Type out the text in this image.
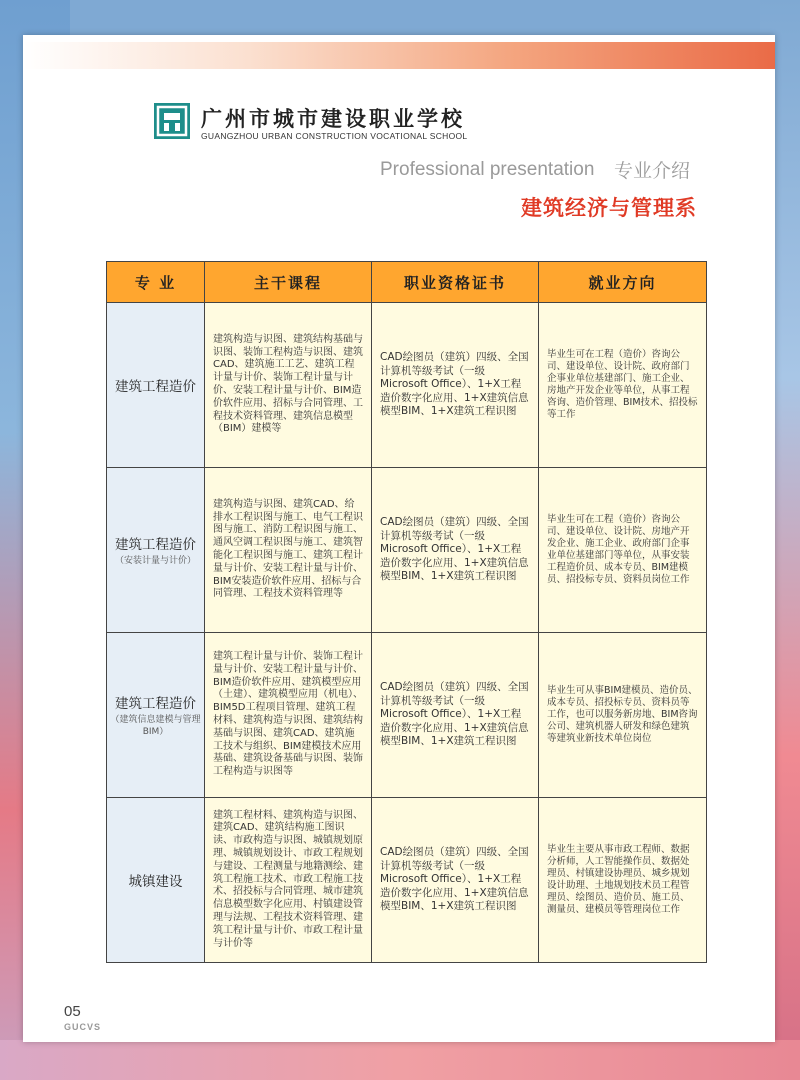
广州市城市建设职业学校
GUANGZHOU URBAN CONSTRUCTION VOCATIONAL SCHOOL
Professional presentation 专业介绍
建筑经济与管理系
专 业	主干课程	职业资格证书	就业方向

建筑工程造价	建筑构造与识图、建筑结构基础与识图、装饰工程构造与识图、建筑CAD、建筑施工工艺、建筑工程计量与计价、装饰工程计量与计价、安装工程计量与计价、BIM造价软件应用、招标与合同管理、工程技术资料管理、建筑信息模型（BIM）建模等	CAD绘图员（建筑）四级、全国计算机等级考试（一级Microsoft Office）、1+X工程造价数字化应用、1+X建筑信息模型BIM、1+X建筑工程识图	毕业生可在工程（造价）咨询公司、建设单位、设计院、政府部门企事业单位基建部门、施工企业、房地产开发企业等单位，从事工程咨询、造价管理、BIM技术、招投标等工作

建筑工程造价
（安装计量与计价）	建筑构造与识图、建筑CAD、给排水工程识图与施工、电气工程识图与施工、消防工程识图与施工、通风空调工程识图与施工、建筑智能化工程识图与施工、建筑工程计量与计价、安装工程计量与计价、BIM安装造价软件应用、招标与合同管理、工程技术资料管理等	CAD绘图员（建筑）四级、全国计算机等级考试（一级Microsoft Office）、1+X工程造价数字化应用、1+X建筑信息模型BIM、1+X建筑工程识图	毕业生可在工程（造价）咨询公司、建设单位、设计院、房地产开发企业、施工企业、政府部门企事业单位基建部门等单位，从事安装工程造价员、成本专员、BIM建模员、招投标专员、资料员岗位工作

建筑工程造价
（建筑信息建模与管理BIM）	建筑工程计量与计价、装饰工程计量与计价、安装工程计量与计价、BIM造价软件应用、建筑模型应用（土建）、建筑模型应用（机电）、BIM5D工程项目管理、建筑工程材料、建筑构造与识图、建筑结构基础与识图、建筑CAD、建筑施工技术与组织、BIM建模技术应用基础、建筑设备基础与识图、装饰工程构造与识图等	CAD绘图员（建筑）四级、全国计算机等级考试（一级Microsoft Office）、1+X工程造价数字化应用、1+X建筑信息模型BIM、1+X建筑工程识图	毕业生可从事BIM建模员、造价员、成本专员、招投标专员、资料员等工作，也可以服务新房地、BIM咨询公司、建筑机器人研发和绿色建筑等建筑业新技术单位岗位

城镇建设	建筑工程材料、建筑构造与识图、建筑CAD、建筑结构施工图识读、市政构造与识图、城镇规划原理、城镇规划设计、市政工程规划与建设、工程测量与地籍测绘、建筑工程施工技术、市政工程施工技术、招投标与合同管理、城市建筑信息模型数字化应用、村镇建设管理与法规、工程技术资料管理、建筑工程计量与计价、市政工程计量与计价等	CAD绘图员（建筑）四级、全国计算机等级考试（一级Microsoft Office）、1+X工程造价数字化应用、1+X建筑信息模型BIM、1+X建筑工程识图	毕业生主要从事市政工程师、数据分析师，人工智能操作员、数据处理员、村镇建设协理员、城乡规划设计助理、土地规划技术员工程管理员、绘图员、造价员、施工员、测量员、建模员等管理岗位工作
05
GUCVS
